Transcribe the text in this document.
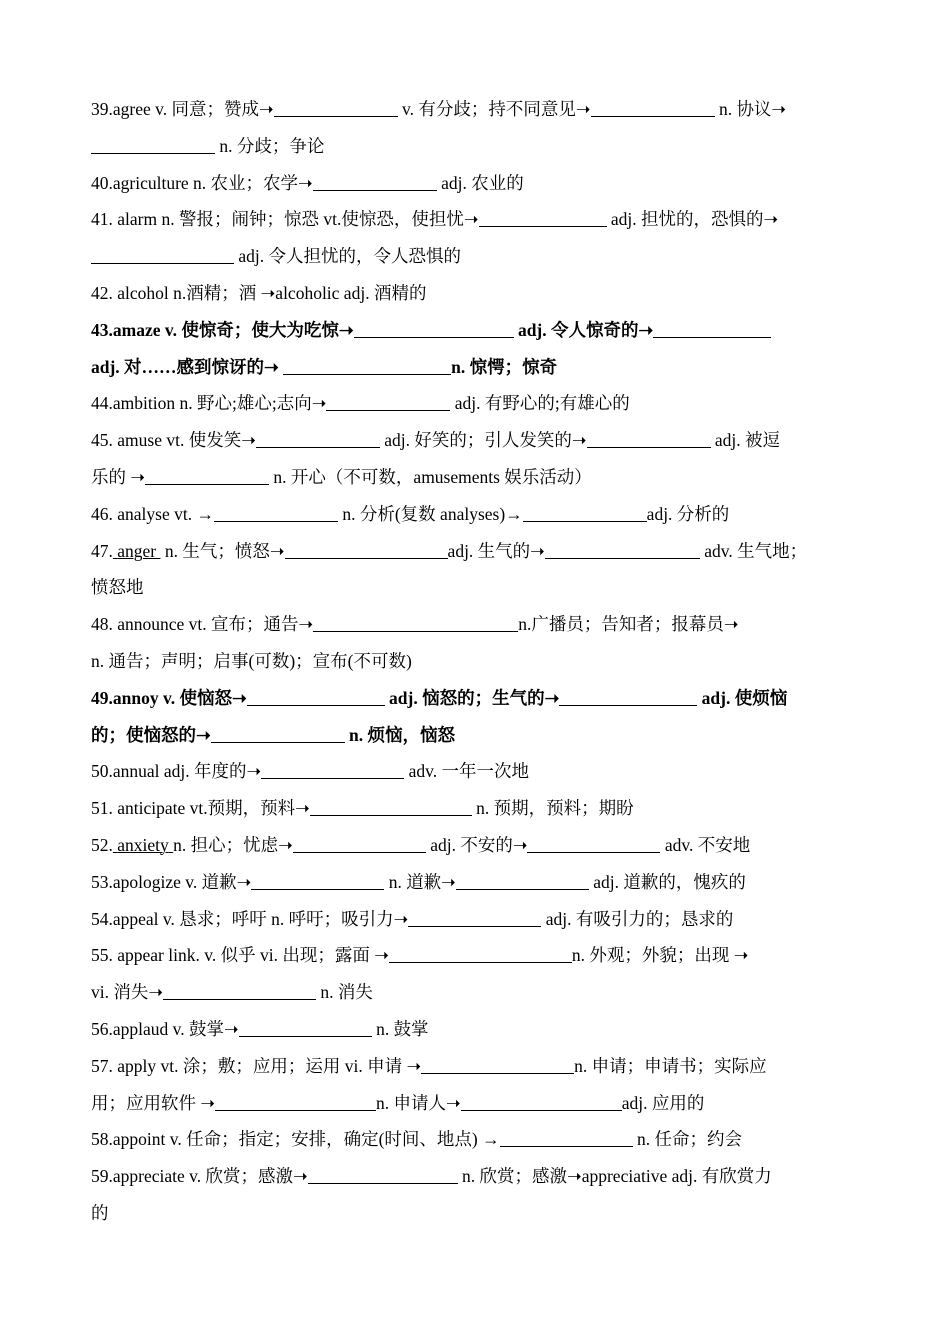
39.agree v. 同意；赞成➝	v. 有分歧；持不同意见➝	n. 协议➝
n. 分歧；争论
40.agriculture n. 农业；农学➝	adj. 农业的
41. alarm n. 警报；闹钟；惊恐 vt.使惊恐，使担忧➝	adj. 担忧的，恐惧的➝
adj. 令人担忧的，令人恐惧的
42. alcohol n.酒精；酒 ➝alcoholic adj. 酒精的
43.amaze v. 使惊奇；使大为吃惊➝	adj. 令人惊奇的➝
adj. 对……感到惊讶的➝	n. 惊愕；惊奇
44.ambition n. 野心;雄心;志向➝	adj. 有野心的;有雄心的
45. amuse vt. 使发笑➝	adj. 好笑的；引人发笑的➝	adj. 被逗
乐的 ➝	n. 开心（不可数，amusements 娱乐活动）
46. analyse vt. →	n. 分析(复数 analyses)→	adj. 分析的
47. anger n. 生气；愤怒➝	adj. 生气的➝	adv. 生气地；
愤怒地
48. announce vt. 宣布；通告➝	n.广播员；告知者；报幕员➝
n. 通告；声明；启事(可数)；宣布(不可数)
49.annoy v. 使恼怒➝	adj. 恼怒的；生气的➝	adj. 使烦恼
的；使恼怒的➝	n. 烦恼，恼怒
50.annual adj. 年度的➝	adv. 一年一次地
51. anticipate vt.预期，预料➝	n. 预期，预料；期盼
52. anxiety n. 担心；忧虑➝	adj. 不安的➝	adv. 不安地
53.apologize v. 道歉➝	n. 道歉➝	adj. 道歉的，愧疚的
54.appeal v. 恳求；呼吁 n. 呼吁；吸引力➝	adj. 有吸引力的；恳求的
55. appear link. v. 似乎 vi. 出现；露面 ➝	n. 外观；外貌；出现 ➝
vi. 消失➝	n. 消失
56.applaud v. 鼓掌➝	n. 鼓掌
57. apply vt. 涂；敷；应用；运用 vi. 申请 ➝	n. 申请；申请书；实际应
用；应用软件 ➝	n. 申请人➝	adj. 应用的
58.appoint v. 任命；指定；安排，确定(时间、地点) →	n. 任命；约会
59.appreciate v. 欣赏；感激➝	n. 欣赏；感激➝appreciative adj. 有欣赏力
的
